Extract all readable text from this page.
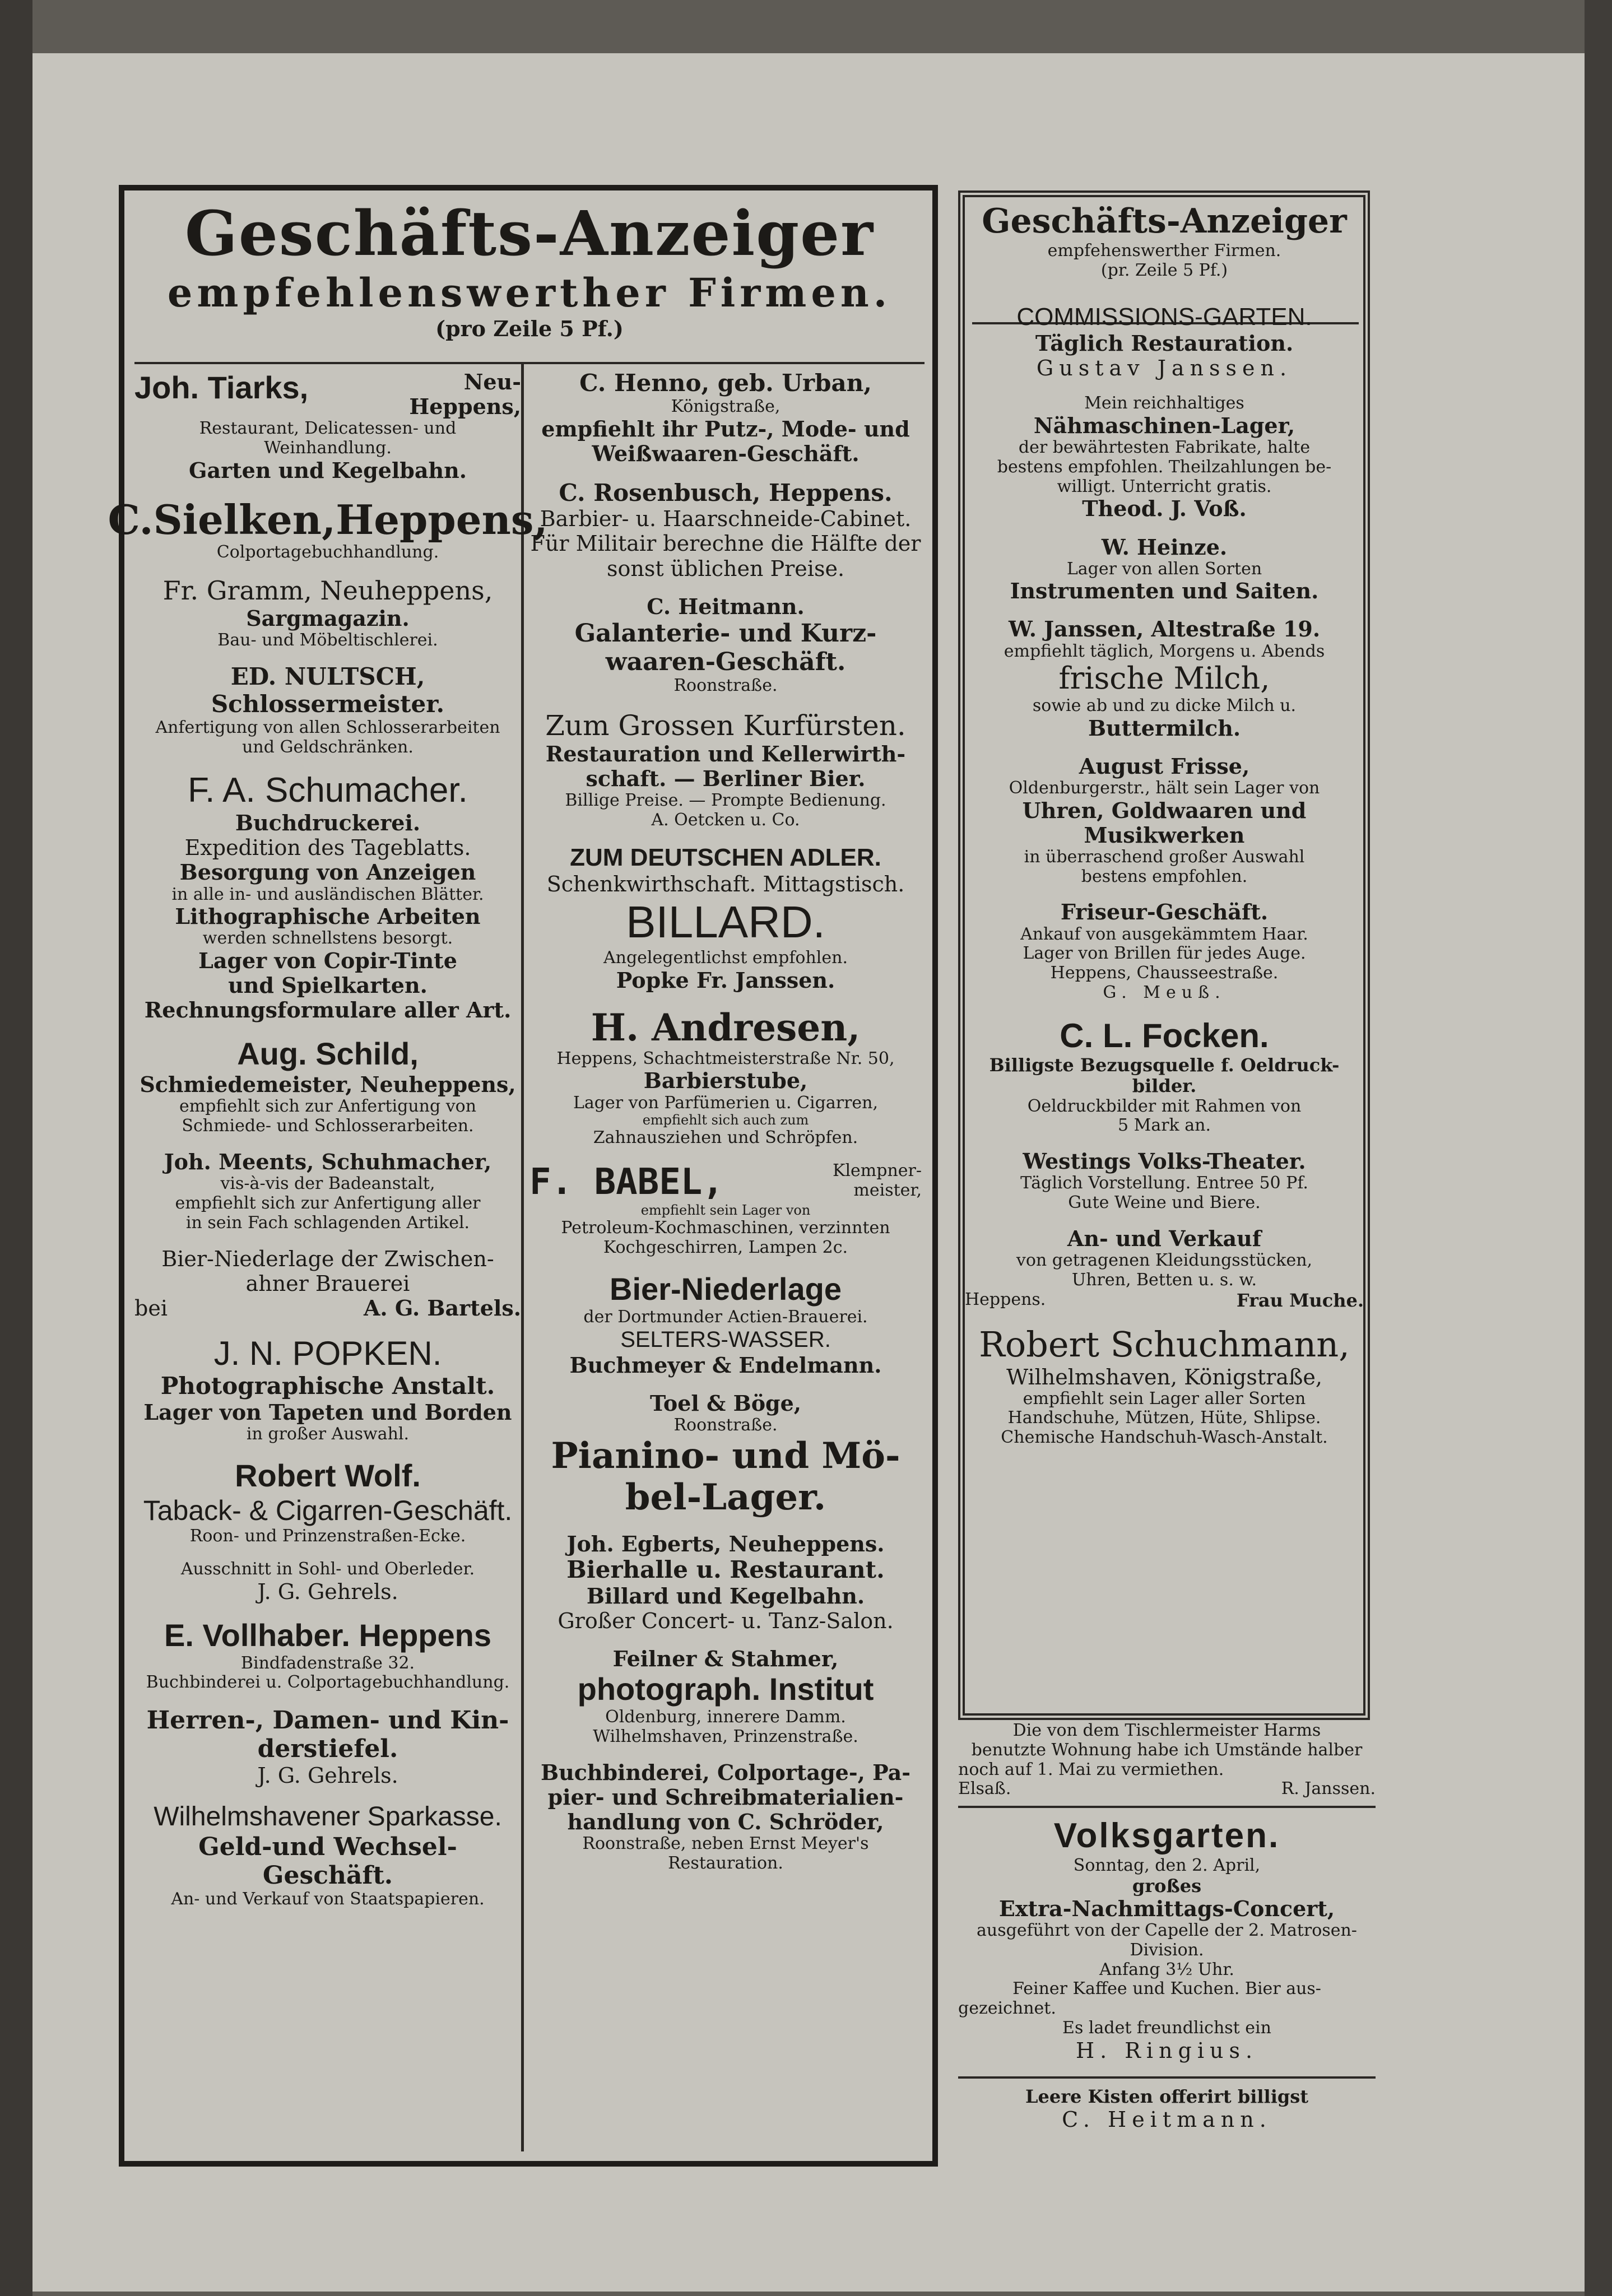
Geschäfts-Anzeiger
empfehlenswerther Firmen.
(pro Zeile 5 Pf.)
Joh. Tiarks,	Neu-
Heppens,
Restaurant, Delicatessen- und
Weinhandlung.
Garten und Kegelbahn.
C.Sielken,Heppens,
Colportagebuchhandlung.
Fr. Gramm, Neuheppens,
Sargmagazin.
Bau- und Möbeltischlerei.
ED. NULTSCH, Schlossermeister.
Anfertigung von allen Schlosserarbeiten
und Geldschränken.
F. A. Schumacher.
Buchdruckerei.
Expedition des Tageblatts.
Besorgung von Anzeigen
in alle in- und ausländischen Blätter.
Lithographische Arbeiten
werden schnellstens besorgt.
Lager von Copir-Tinte
und Spielkarten.
Rechnungsformulare aller Art.
Aug. Schild,
Schmiedemeister, Neuheppens,
empfiehlt sich zur Anfertigung von
Schmiede- und Schlosserarbeiten.
Joh. Meents, Schuhmacher,
vis-à-vis der Badeanstalt,
empfiehlt sich zur Anfertigung aller
in sein Fach schlagenden Artikel.
Bier-Niederlage der Zwischen-
ahner Brauerei
bei	A. G. Bartels.
J. N. POPKEN.
Photographische Anstalt.
Lager von Tapeten und Borden
in großer Auswahl.
Robert Wolf.
Taback- & Cigarren-Geschäft.
Roon- und Prinzenstraßen-Ecke.
Ausschnitt in Sohl- und Oberleder.
J. G. Gehrels.
E. Vollhaber. Heppens
Bindfadenstraße 32.
Buchbinderei u. Colportagebuchhandlung.
Herren-, Damen- und Kin-
derstiefel.
J. G. Gehrels.
Wilhelmshavener Sparkasse.
Geld-und Wechsel-Geschäft.
An- und Verkauf von Staatspapieren.
C. Henno, geb. Urban,
Königstraße,
empfiehlt ihr Putz-, Mode- und
Weißwaaren-Geschäft.
C. Rosenbusch, Heppens.
Barbier- u. Haarschneide-Cabinet.
Für Militair berechne die Hälfte der
sonst üblichen Preise.
C. Heitmann.
Galanterie- und Kurz-
waaren-Geschäft.
Roonstraße.
Zum Grossen Kurfürsten.
Restauration und Kellerwirth-
schaft. — Berliner Bier.
Billige Preise. — Prompte Bedienung.
A. Oetcken u. Co.
ZUM DEUTSCHEN ADLER.
Schenkwirthschaft. Mittagstisch.
BILLARD.
Angelegentlichst empfohlen.
Popke Fr. Janssen.
H. Andresen,
Heppens, Schachtmeisterstraße Nr. 50,
Barbierstube,
Lager von Parfümerien u. Cigarren,
empfiehlt sich auch zum
Zahnausziehen und Schröpfen.
F. BABEL,	Klempner-
meister,
empfiehlt sein Lager von
Petroleum-Kochmaschinen, verzinnten
Kochgeschirren, Lampen 2c.
Bier-Niederlage
der Dortmunder Actien-Brauerei.
SELTERS-WASSER.
Buchmeyer & Endelmann.
Toel & Böge,
Roonstraße.
Pianino- und Mö-
bel-Lager.
Joh. Egberts, Neuheppens.
Bierhalle u. Restaurant.
Billard und Kegelbahn.
Großer Concert- u. Tanz-Salon.
Feilner & Stahmer,
photograph. Institut
Oldenburg, innerere Damm.
Wilhelmshaven, Prinzenstraße.
Buchbinderei, Colportage-, Pa-
pier- und Schreibmaterialien-
handlung von C. Schröder,
Roonstraße, neben Ernst Meyer's
Restauration.
Geschäfts-Anzeiger
empfehenswerther Firmen.
(pr. Zeile 5 Pf.)
COMMISSIONS-GARTEN.
Täglich Restauration.
Gustav Janssen.
Mein reichhaltiges
Nähmaschinen-Lager,
der bewährtesten Fabrikate, halte
bestens empfohlen. Theilzahlungen be-
willigt. Unterricht gratis.
Theod. J. Voß.
W. Heinze.
Lager von allen Sorten
Instrumenten und Saiten.
W. Janssen, Altestraße 19.
empfiehlt täglich, Morgens u. Abends
frische Milch,
sowie ab und zu dicke Milch u.
Buttermilch.
August Frisse,
Oldenburgerstr., hält sein Lager von
Uhren, Goldwaaren und
Musikwerken
in überraschend großer Auswahl
bestens empfohlen.
Friseur-Geschäft.
Ankauf von ausgekämmtem Haar.
Lager von Brillen für jedes Auge.
Heppens, Chausseestraße.
G. Meuß.
C. L. Focken.
Billigste Bezugsquelle f. Oeldruck-
bilder.
Oeldruckbilder mit Rahmen von
5 Mark an.
Westings Volks-Theater.
Täglich Vorstellung. Entree 50 Pf.
Gute Weine und Biere.
An- und Verkauf
von getragenen Kleidungsstücken,
Uhren, Betten u. s. w.
Heppens.	Frau Muche.
Robert Schuchmann,
Wilhelmshaven, Königstraße,
empfiehlt sein Lager aller Sorten
Handschuhe, Mützen, Hüte, Shlipse.
Chemische Handschuh-Wasch-Anstalt.
Die von dem Tischlermeister Harms
benutzte Wohnung habe ich Umstände halber
noch auf 1. Mai zu vermiethen.
Elsaß.	R. Janssen.
Volksgarten.
Sonntag, den 2. April,
großes
Extra-Nachmittags-Concert,
ausgeführt von der Capelle der 2. Matrosen-
Division.
Anfang 3½ Uhr.
Feiner Kaffee und Kuchen. Bier aus-
gezeichnet.
Es ladet freundlichst ein
H. Ringius.
Leere Kisten offerirt billigst
C. Heitmann.
